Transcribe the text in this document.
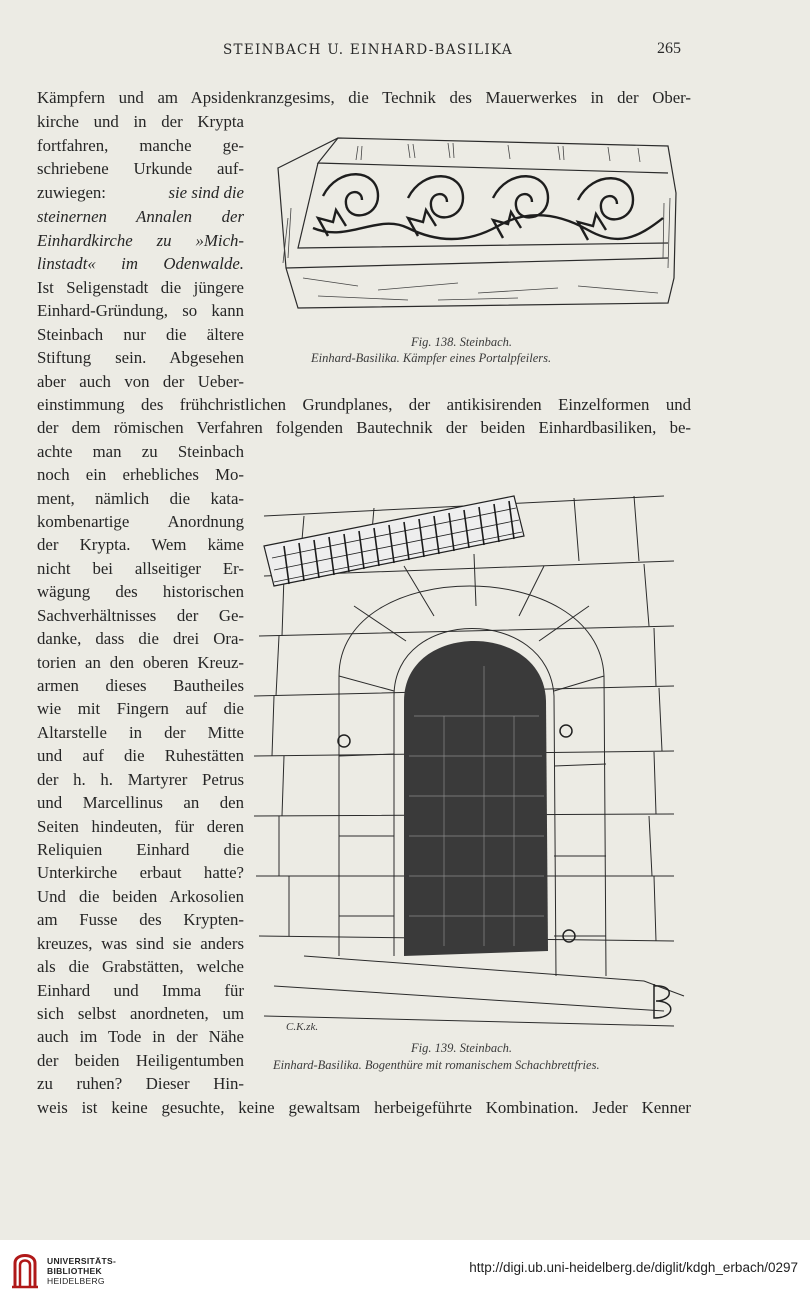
STEINBACH U. EINHARD-BASILIKA	265
Kämpfern und am Apsidenkranzgesims, die Technik des Mauerwerkes in der Ober-
kirche und in der Krypta
fortfahren, manche ge-
schriebene Urkunde auf-
zuwiegen:	sie sind die
steinernen Annalen der
Einhardkirche zu »Mich-
linstadt« im Odenwalde.
Ist Seligenstadt die jüngere
Einhard-Gründung, so kann
Steinbach nur die ältere
Stiftung sein. Abgesehen
aber auch von der Ueber-
einstimmung des frühchristlichen Grundplanes, der antikisirenden Einzelformen und
der dem römischen Verfahren folgenden Bautechnik der beiden Einhardbasiliken, be-
achte man zu Steinbach
noch ein erhebliches Mo-
ment, nämlich die kata-
kombenartige Anordnung
der Krypta. Wem käme
nicht bei allseitiger Er-
wägung des historischen
Sachverhältnisses der Ge-
danke, dass die drei Ora-
torien an den oberen Kreuz-
armen dieses Bautheiles
wie mit Fingern auf die
Altarstelle in der Mitte
und auf die Ruhestätten
der h. h. Martyrer Petrus
und Marcellinus an den
Seiten hindeuten, für deren
Reliquien Einhard die
Unterkirche erbaut hatte?
Und die beiden Arkosolien
am Fusse des Krypten-
kreuzes, was sind sie anders
als die Grabstätten, welche
Einhard und Imma für
sich selbst anordneten, um
auch im Tode in der Nähe
der beiden Heiligentumben
zu ruhen? Dieser Hin-
weis ist keine gesuchte, keine gewaltsam herbeigeführte Kombination. Jeder Kenner
Fig. 138. Steinbach.
Einhard-Basilika. Kämpfer eines Portalpfeilers.
C.K.zk.
Fig. 139. Steinbach.
Einhard-Basilika. Bogenthüre mit romanischem Schachbrettfries.
UNIVERSITÄTS-
BIBLIOTHEK
HEIDELBERG
http://digi.ub.uni-heidelberg.de/diglit/kdgh_erbach/0297
